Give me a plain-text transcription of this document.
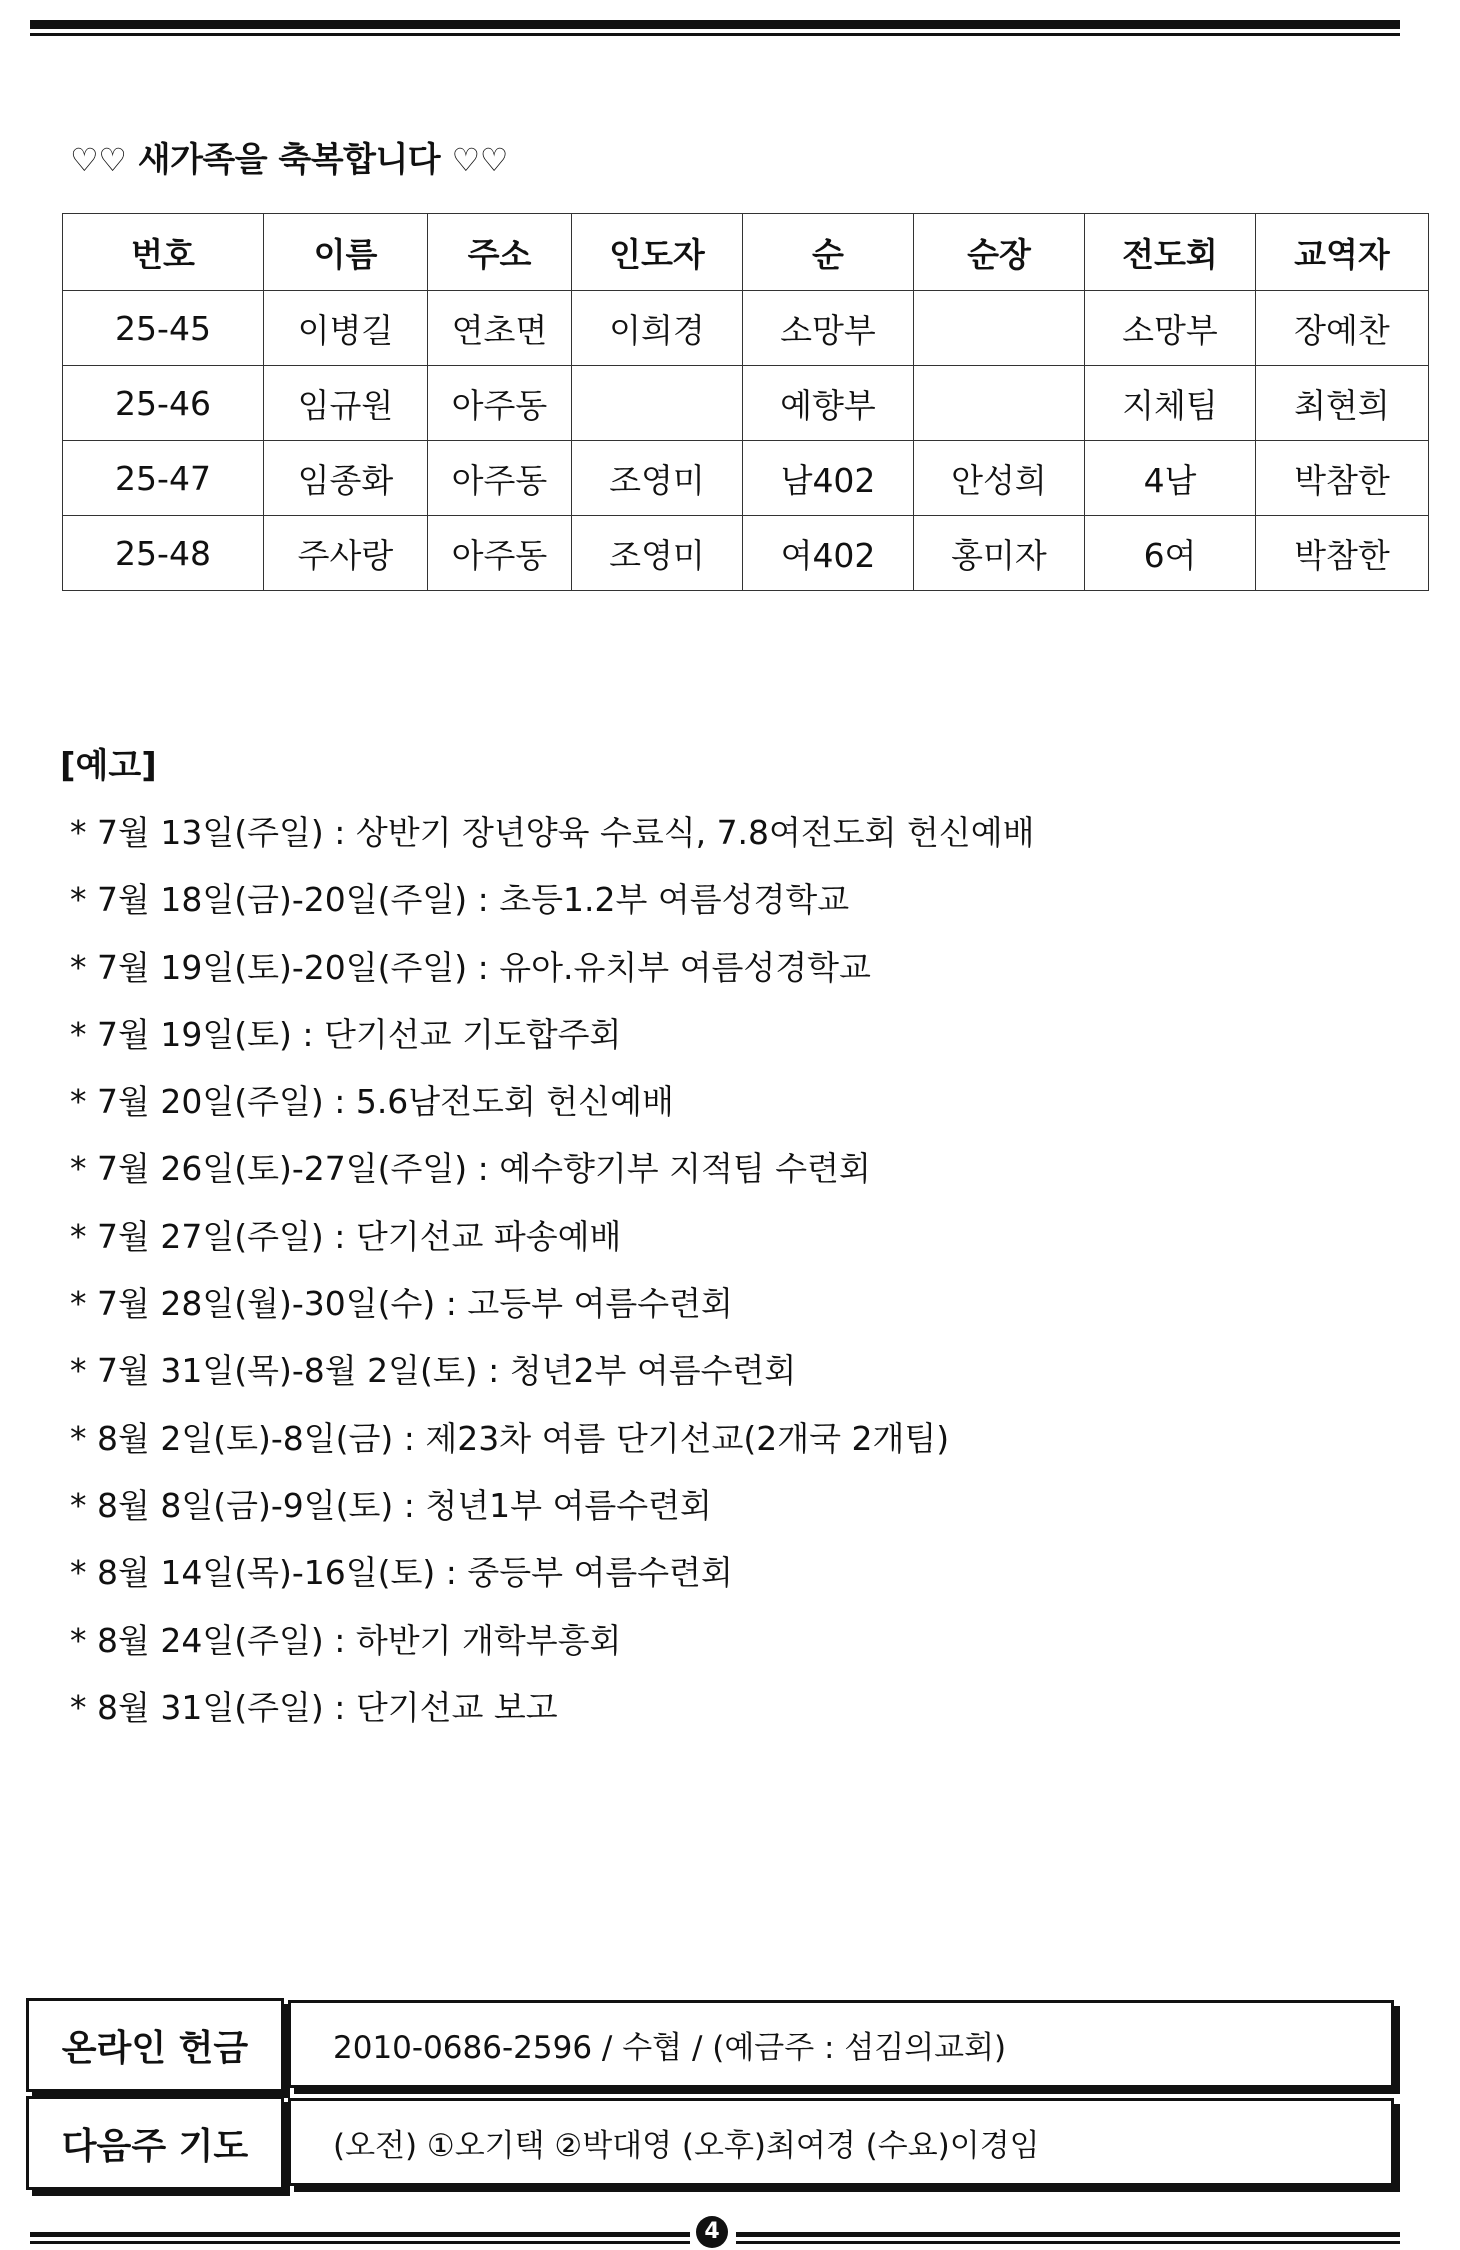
♡♡ 새가족을 축복합니다 ♡♡
번호	이름	주소	인도자	순	순장	전도회	교역자
25-45	이병길	연초면	이희경	소망부		소망부	장예찬
25-46	임규원	아주동		예향부		지체팀	최현희
25-47	임종화	아주동	조영미	남402	안성희	4남	박참한
25-48	주사랑	아주동	조영미	여402	홍미자	6여	박참한
[예고]
* 7월 13일(주일) : 상반기 장년양육 수료식, 7.8여전도회 헌신예배
* 7월 18일(금)-20일(주일) : 초등1.2부 여름성경학교
* 7월 19일(토)-20일(주일) : 유아.유치부 여름성경학교
* 7월 19일(토) : 단기선교 기도합주회
* 7월 20일(주일) : 5.6남전도회 헌신예배
* 7월 26일(토)-27일(주일) : 예수향기부 지적팀 수련회
* 7월 27일(주일) : 단기선교 파송예배
* 7월 28일(월)-30일(수) : 고등부 여름수련회
* 7월 31일(목)-8월 2일(토) : 청년2부 여름수련회
* 8월 2일(토)-8일(금) : 제23차 여름 단기선교(2개국 2개팀)
* 8월 8일(금)-9일(토) : 청년1부 여름수련회
* 8월 14일(목)-16일(토) : 중등부 여름수련회
* 8월 24일(주일) : 하반기 개학부흥회
* 8월 31일(주일) : 단기선교 보고
온라인 헌금	2010-0686-2596 / 수협 / (예금주 : 섬김의교회)
다음주 기도	(오전) ①오기택 ②박대영 (오후)최여경 (수요)이경임
4
